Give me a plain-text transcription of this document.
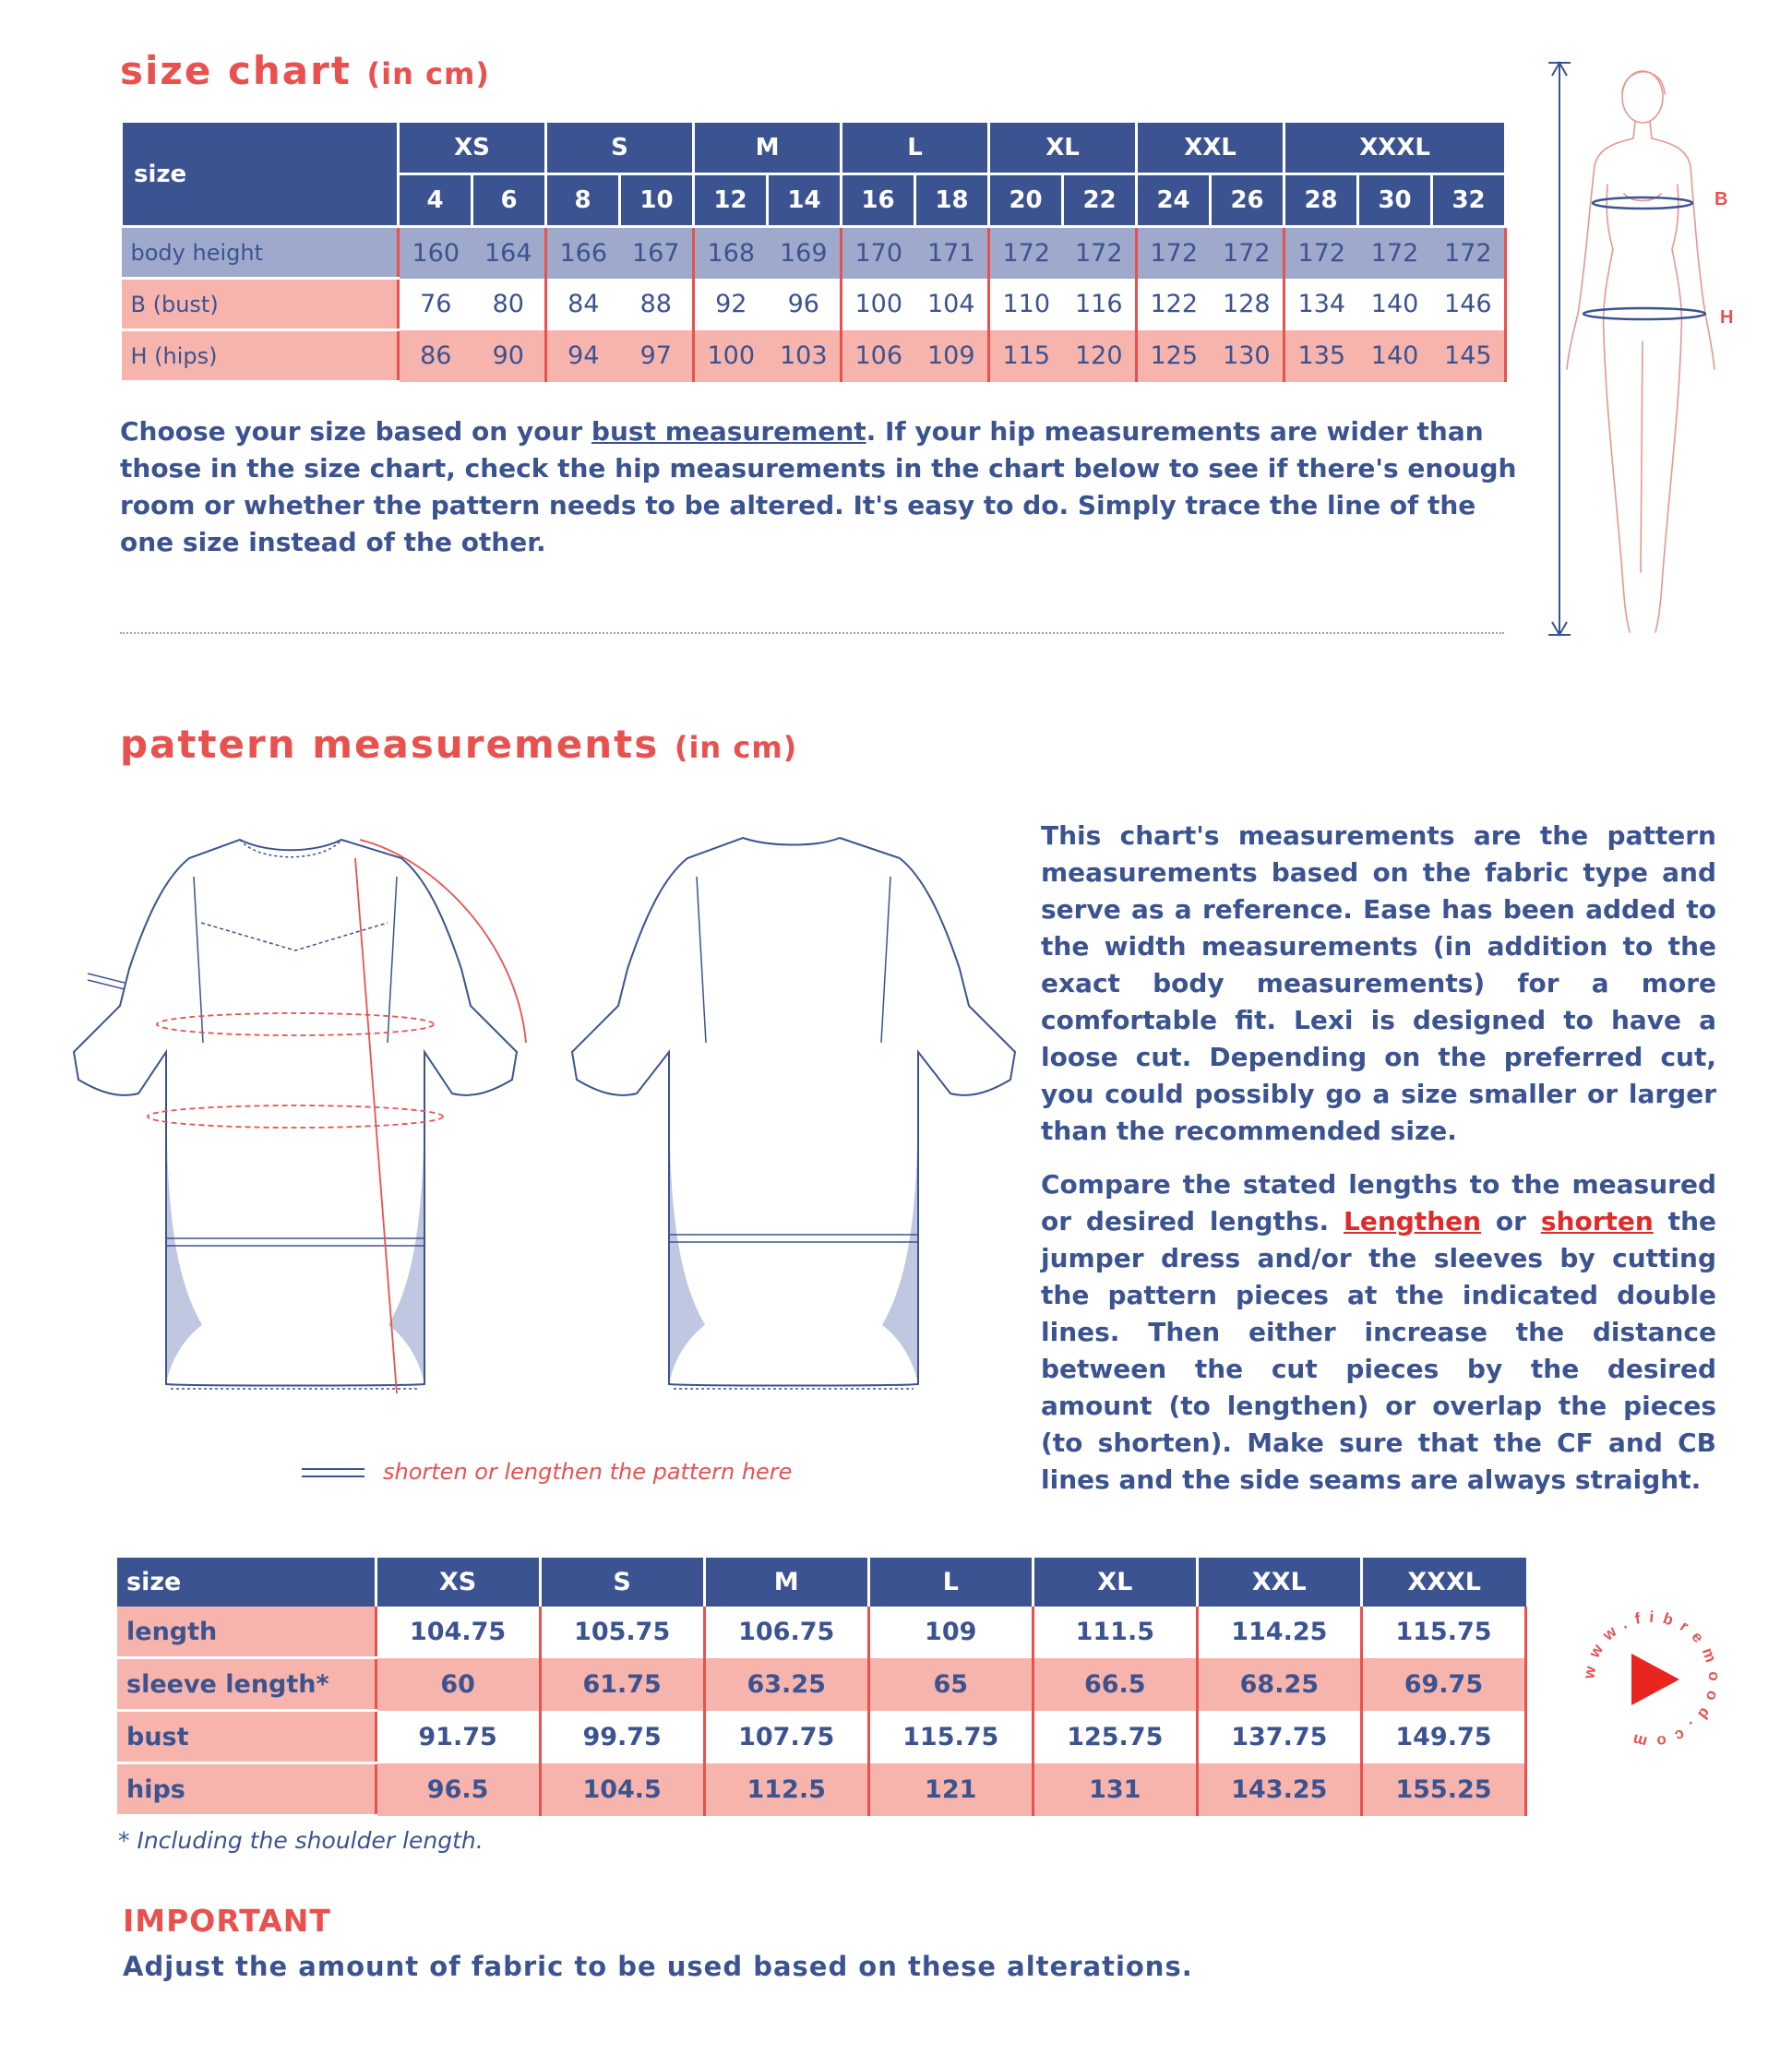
size chart (in cm)
size	XS		S		M		L		XL		XXL		XXXL		
	4	6	8	10	12	14	16	18	20	22	24	26	28	30	32
body height	160	164	166	167	168	169	170	171	172	172	172	172	172	172	172
B (bust)	76	80	84	88	92	96	100	104	110	116	122	128	134	140	146
H (hips)	86	90	94	97	100	103	106	109	115	120	125	130	135	140	145

Choose your size based on your bust measurement. If your hip measurements are wider than those in the size chart, check the hip measurements in the chart below to see if there's enough room or whether the pattern needs to be altered. It's easy to do. Simply trace the line of the one size instead of the other.

B
H
pattern measurements (in cm)
shorten or lengthen the pattern here

This chart's measurements are the pattern measurements based on the fabric type and serve as a reference. Ease has been added to the width measurements (in addition to the exact body measurements) for a more comfortable fit. Lexi is designed to have a loose cut. Depending on the preferred cut, you could possibly go a size smaller or larger than the recommended size.

Compare the stated lengths to the measured or desired lengths. Lengthen or shorten the jumper dress and/or the sleeves by cutting the pattern pieces at the indicated double lines. Then either increase the distance between the cut pieces by the desired amount (to lengthen) or overlap the pieces (to shorten). Make sure that the CF and CB lines and the side seams are always straight.

size	XS	S	M	L	XL	XXL	XXXL
length	104.75	105.75	106.75	109	111.5	114.25	115.75
sleeve length*	60	61.75	63.25	65	66.5	68.25	69.75
bust	91.75	99.75	107.75	115.75	125.75	137.75	149.75
hips	96.5	104.5	112.5	121	131	143.25	155.25
* Including the shoulder length.
www.fibremood.com
IMPORTANT
Adjust the amount of fabric to be used based on these alterations.
